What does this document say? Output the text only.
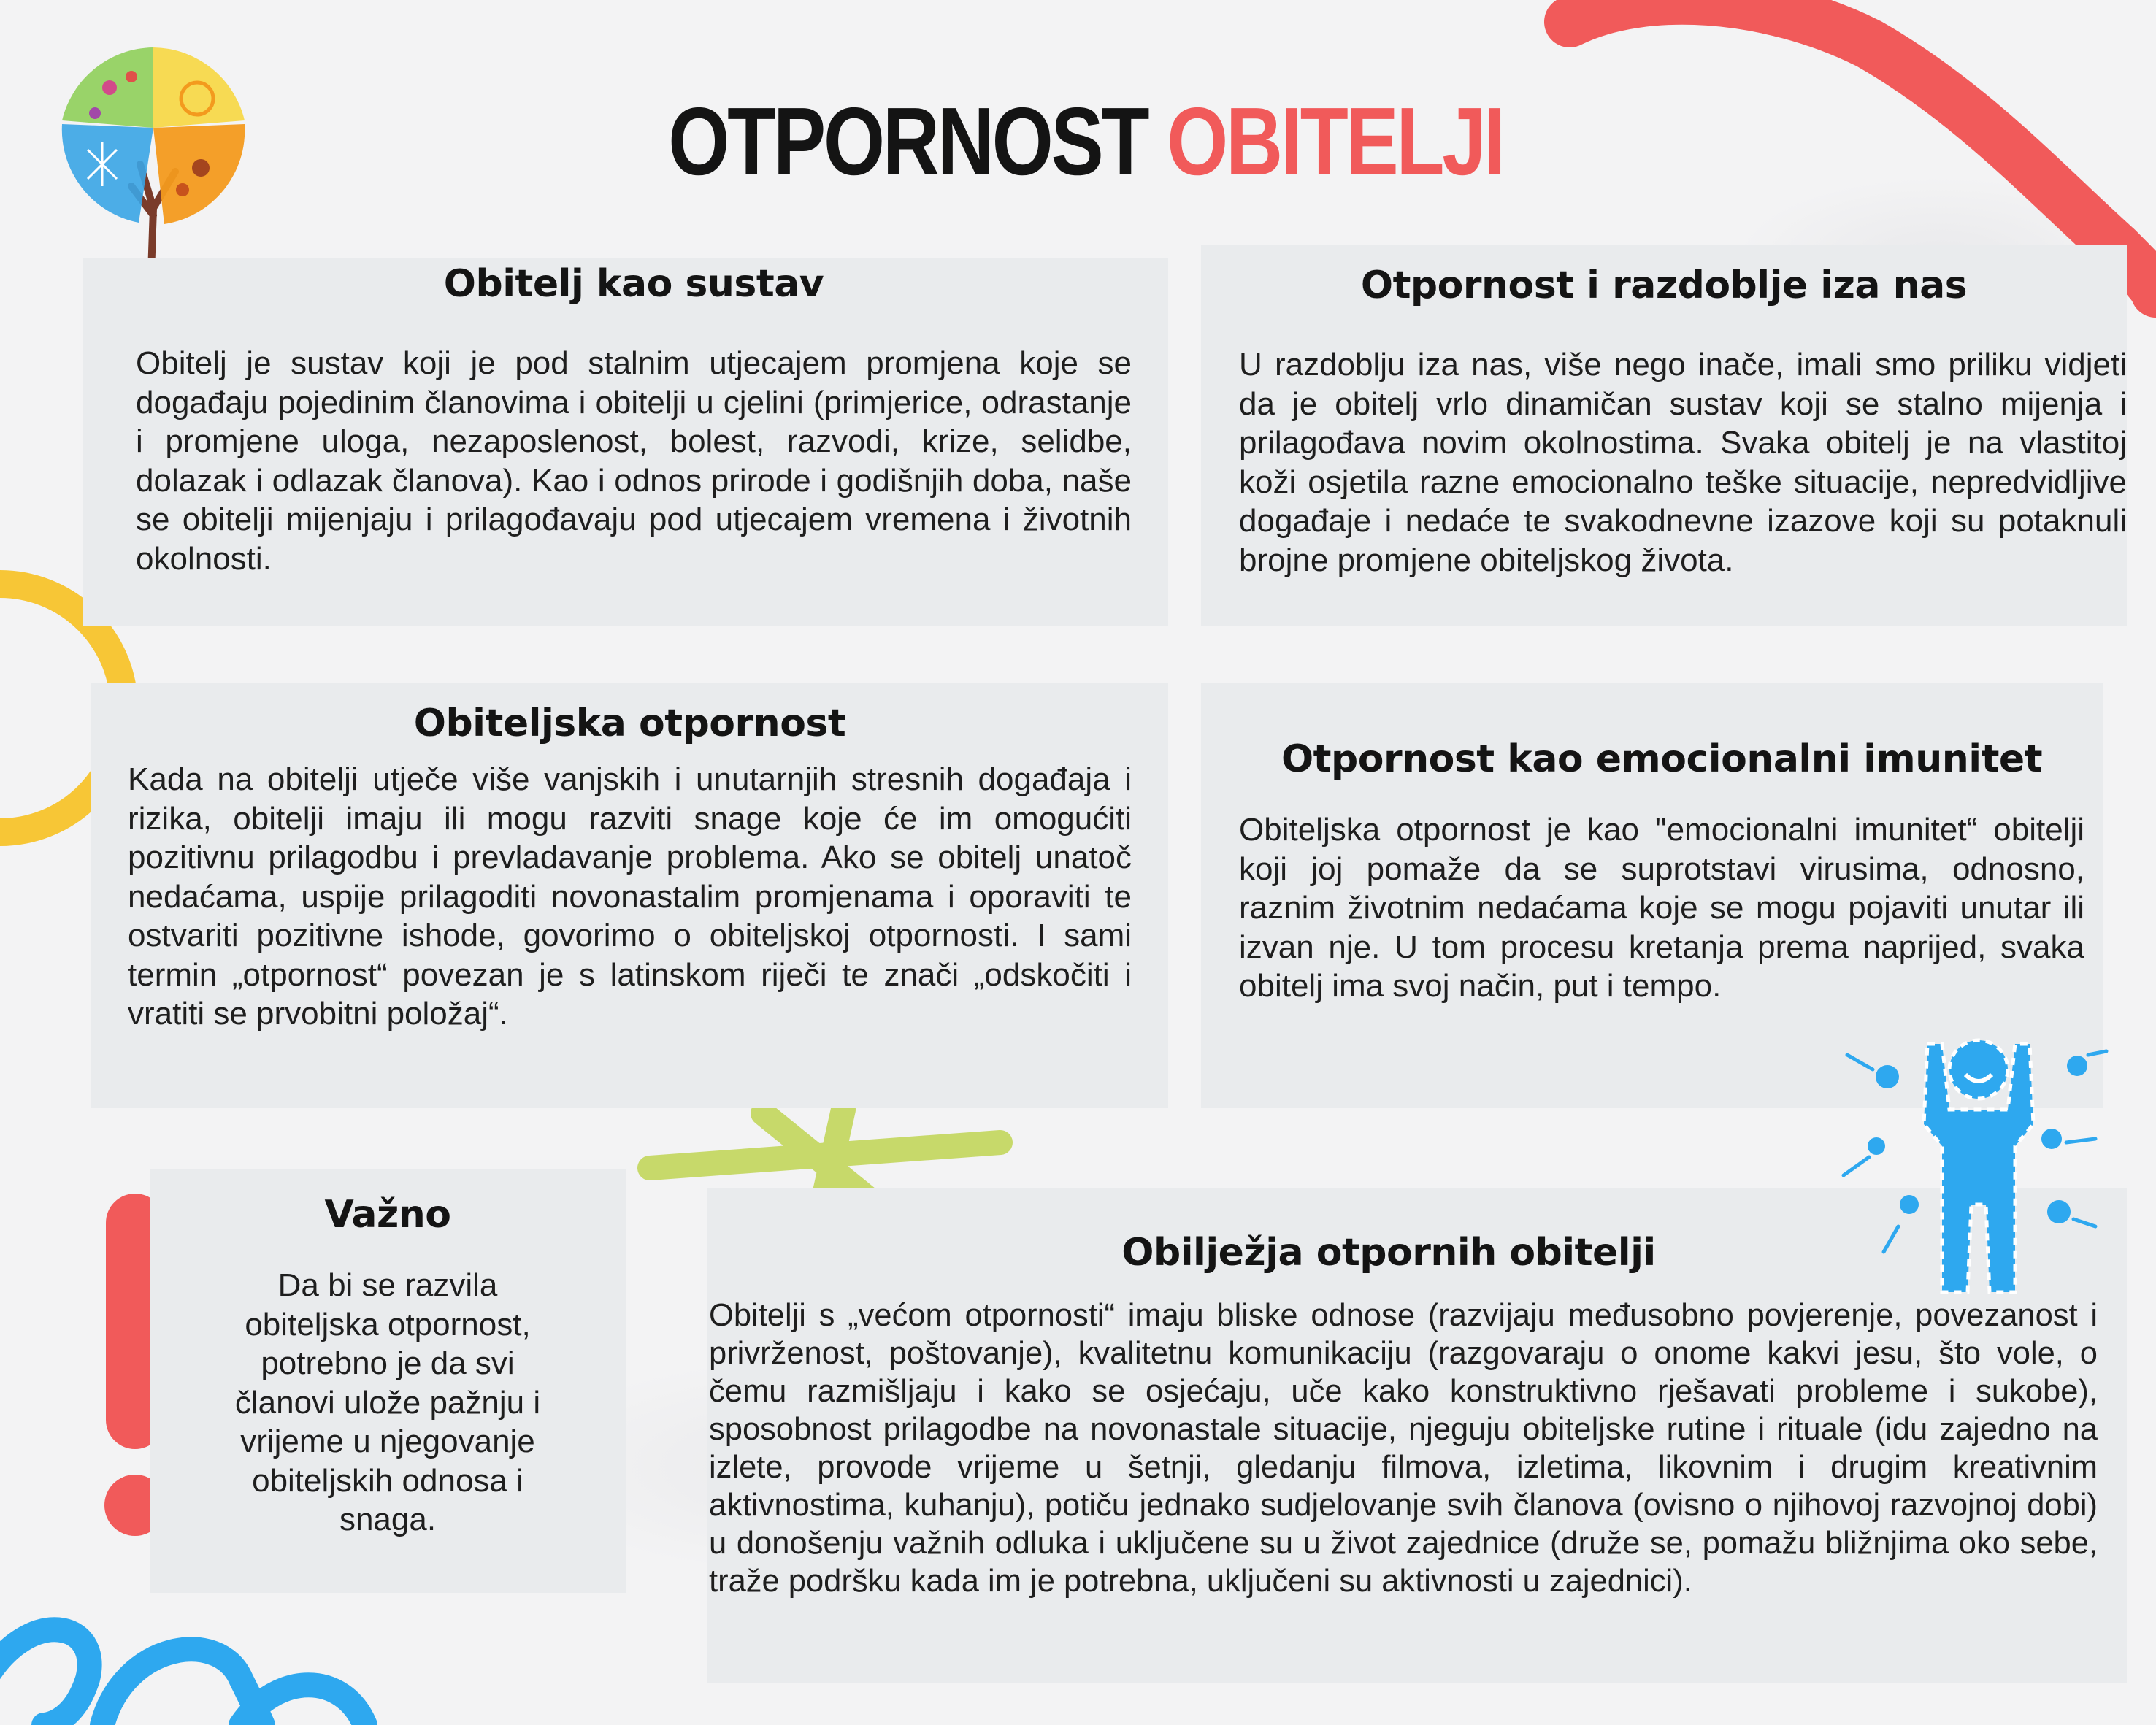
OTPORNOST OBITELJI
Obitelj kao sustav

Obitelj je sustav koji je pod stalnim utjecajem promjena koje se događaju pojedinim članovima i obitelji u cjelini (primjerice, odrastanje i promjene uloga, nezaposlenost, bolest, razvodi, krize, selidbe, dolazak i odlazak članova). Kao i odnos prirode i godišnjih doba, naše se obitelji mijenjaju i prilagođavaju pod utjecajem vremena i životnih okolnosti.

Otpornost i razdoblje iza nas

U razdoblju iza nas, više nego inače, imali smo priliku vidjeti da je obitelj vrlo dinamičan sustav koji se stalno mijenja i prilagođava novim okolnostima. Svaka obitelj je na vlastitoj koži osjetila razne emocionalno teške situacije, nepredvidljive događaje i nedaće te svakodnevne izazove koji su potaknuli brojne promjene obiteljskog života.

Obiteljska otpornost

Kada na obitelji utječe više vanjskih i unutarnjih stresnih događaja i rizika, obitelji imaju ili mogu razviti snage koje će im omogućiti pozitivnu prilagodbu i prevladavanje problema. Ako se obitelj unatoč nedaćama, uspije prilagoditi novonastalim promjenama i oporaviti te ostvariti pozitivne ishode, govorimo o obiteljskoj otpornosti. I sami termin „otpornost“ povezan je s latinskom riječi te znači „odskočiti i vratiti se prvobitni položaj“.

Otpornost kao emocionalni imunitet

Obiteljska otpornost je kao "emocionalni imunitet“ obitelji koji joj pomaže da se suprotstavi virusima, odnosno, raznim životnim nedaćama koje se mogu pojaviti unutar ili izvan nje. U tom procesu kretanja prema naprijed, svaka obitelj ima svoj način, put i tempo.

Važno
Da bi se razvila
obiteljska otpornost,
potrebno je da svi
članovi ulože pažnju i
vrijeme u njegovanje
obiteljskih odnosa i
snaga.
Obilježja otpornih obitelji

Obitelji s „većom otpornosti“ imaju bliske odnose (razvijaju međusobno povjerenje, povezanost i privrženost, poštovanje), kvalitetnu komunikaciju (razgovaraju o onome kakvi jesu, što vole, o čemu razmišljaju i kako se osjećaju, uče kako konstruktivno rješavati probleme i sukobe), sposobnost prilagodbe na novonastale situacije, njeguju obiteljske rutine i rituale (idu zajedno na izlete, provode vrijeme u šetnji, gledanju filmova, izletima, likovnim i drugim kreativnim aktivnostima, kuhanju), potiču jednako sudjelovanje svih članova (ovisno o njihovoj razvojnoj dobi) u donošenju važnih odluka i uključene su u život zajednice (druže se, pomažu bližnjima oko sebe, traže podršku kada im je potrebna, uključeni su aktivnosti u zajednici).
